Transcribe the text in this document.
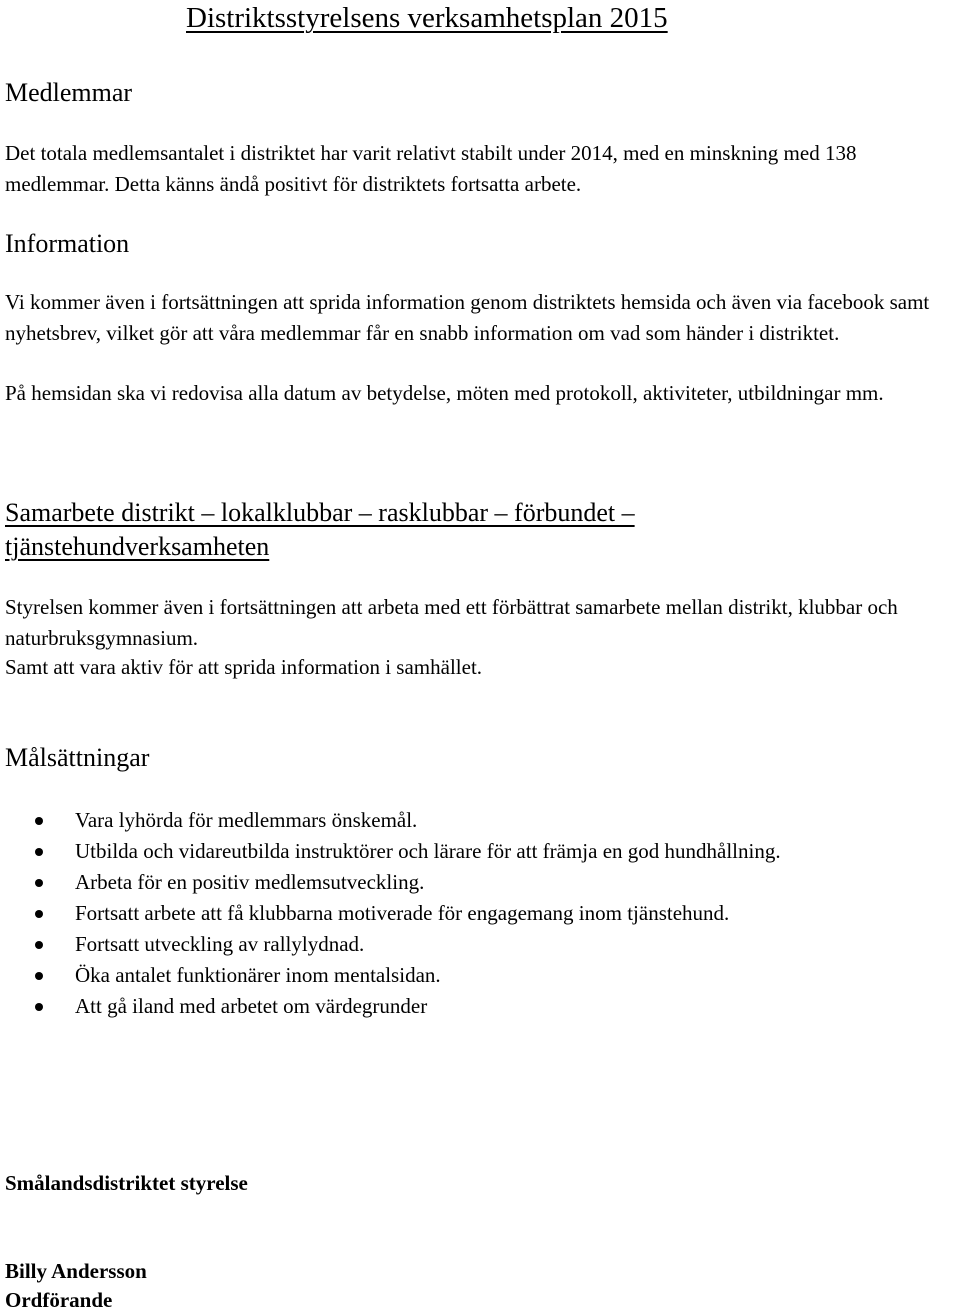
Distriktsstyrelsens verksamhetsplan 2015
Medlemmar

Det totala medlemsantalet i distriktet har varit relativt stabilt under 2014, med en minskning med 138 medlemmar. Detta känns ändå positivt för distriktets fortsatta arbete.

Information

Vi kommer även i fortsättningen att sprida information genom distriktets hemsida och även via facebook samt nyhetsbrev, vilket gör att våra medlemmar får en snabb information om vad som händer i distriktet.

På hemsidan ska vi redovisa alla datum av betydelse, möten med protokoll, aktiviteter, utbildningar mm.

Samarbete distrikt – lokalklubbar – rasklubbar – förbundet – tjänstehundverksamheten

Styrelsen kommer även i fortsättningen att arbeta med ett förbättrat samarbete mellan distrikt, klubbar och naturbruksgymnasium.

Samt att vara aktiv för att sprida information i samhället.

Målsättningar
Vara lyhörda för medlemmars önskemål.
Utbilda och vidareutbilda instruktörer och lärare för att främja en god hundhållning.
Arbeta för en positiv medlemsutveckling.
Fortsatt arbete att få klubbarna motiverade för engagemang inom tjänstehund.
Fortsatt utveckling av rallylydnad.
Öka antalet funktionärer inom mentalsidan.
Att gå iland med arbetet om värdegrunder

Smålandsdistriktet styrelse

Billy Andersson

Ordförande
